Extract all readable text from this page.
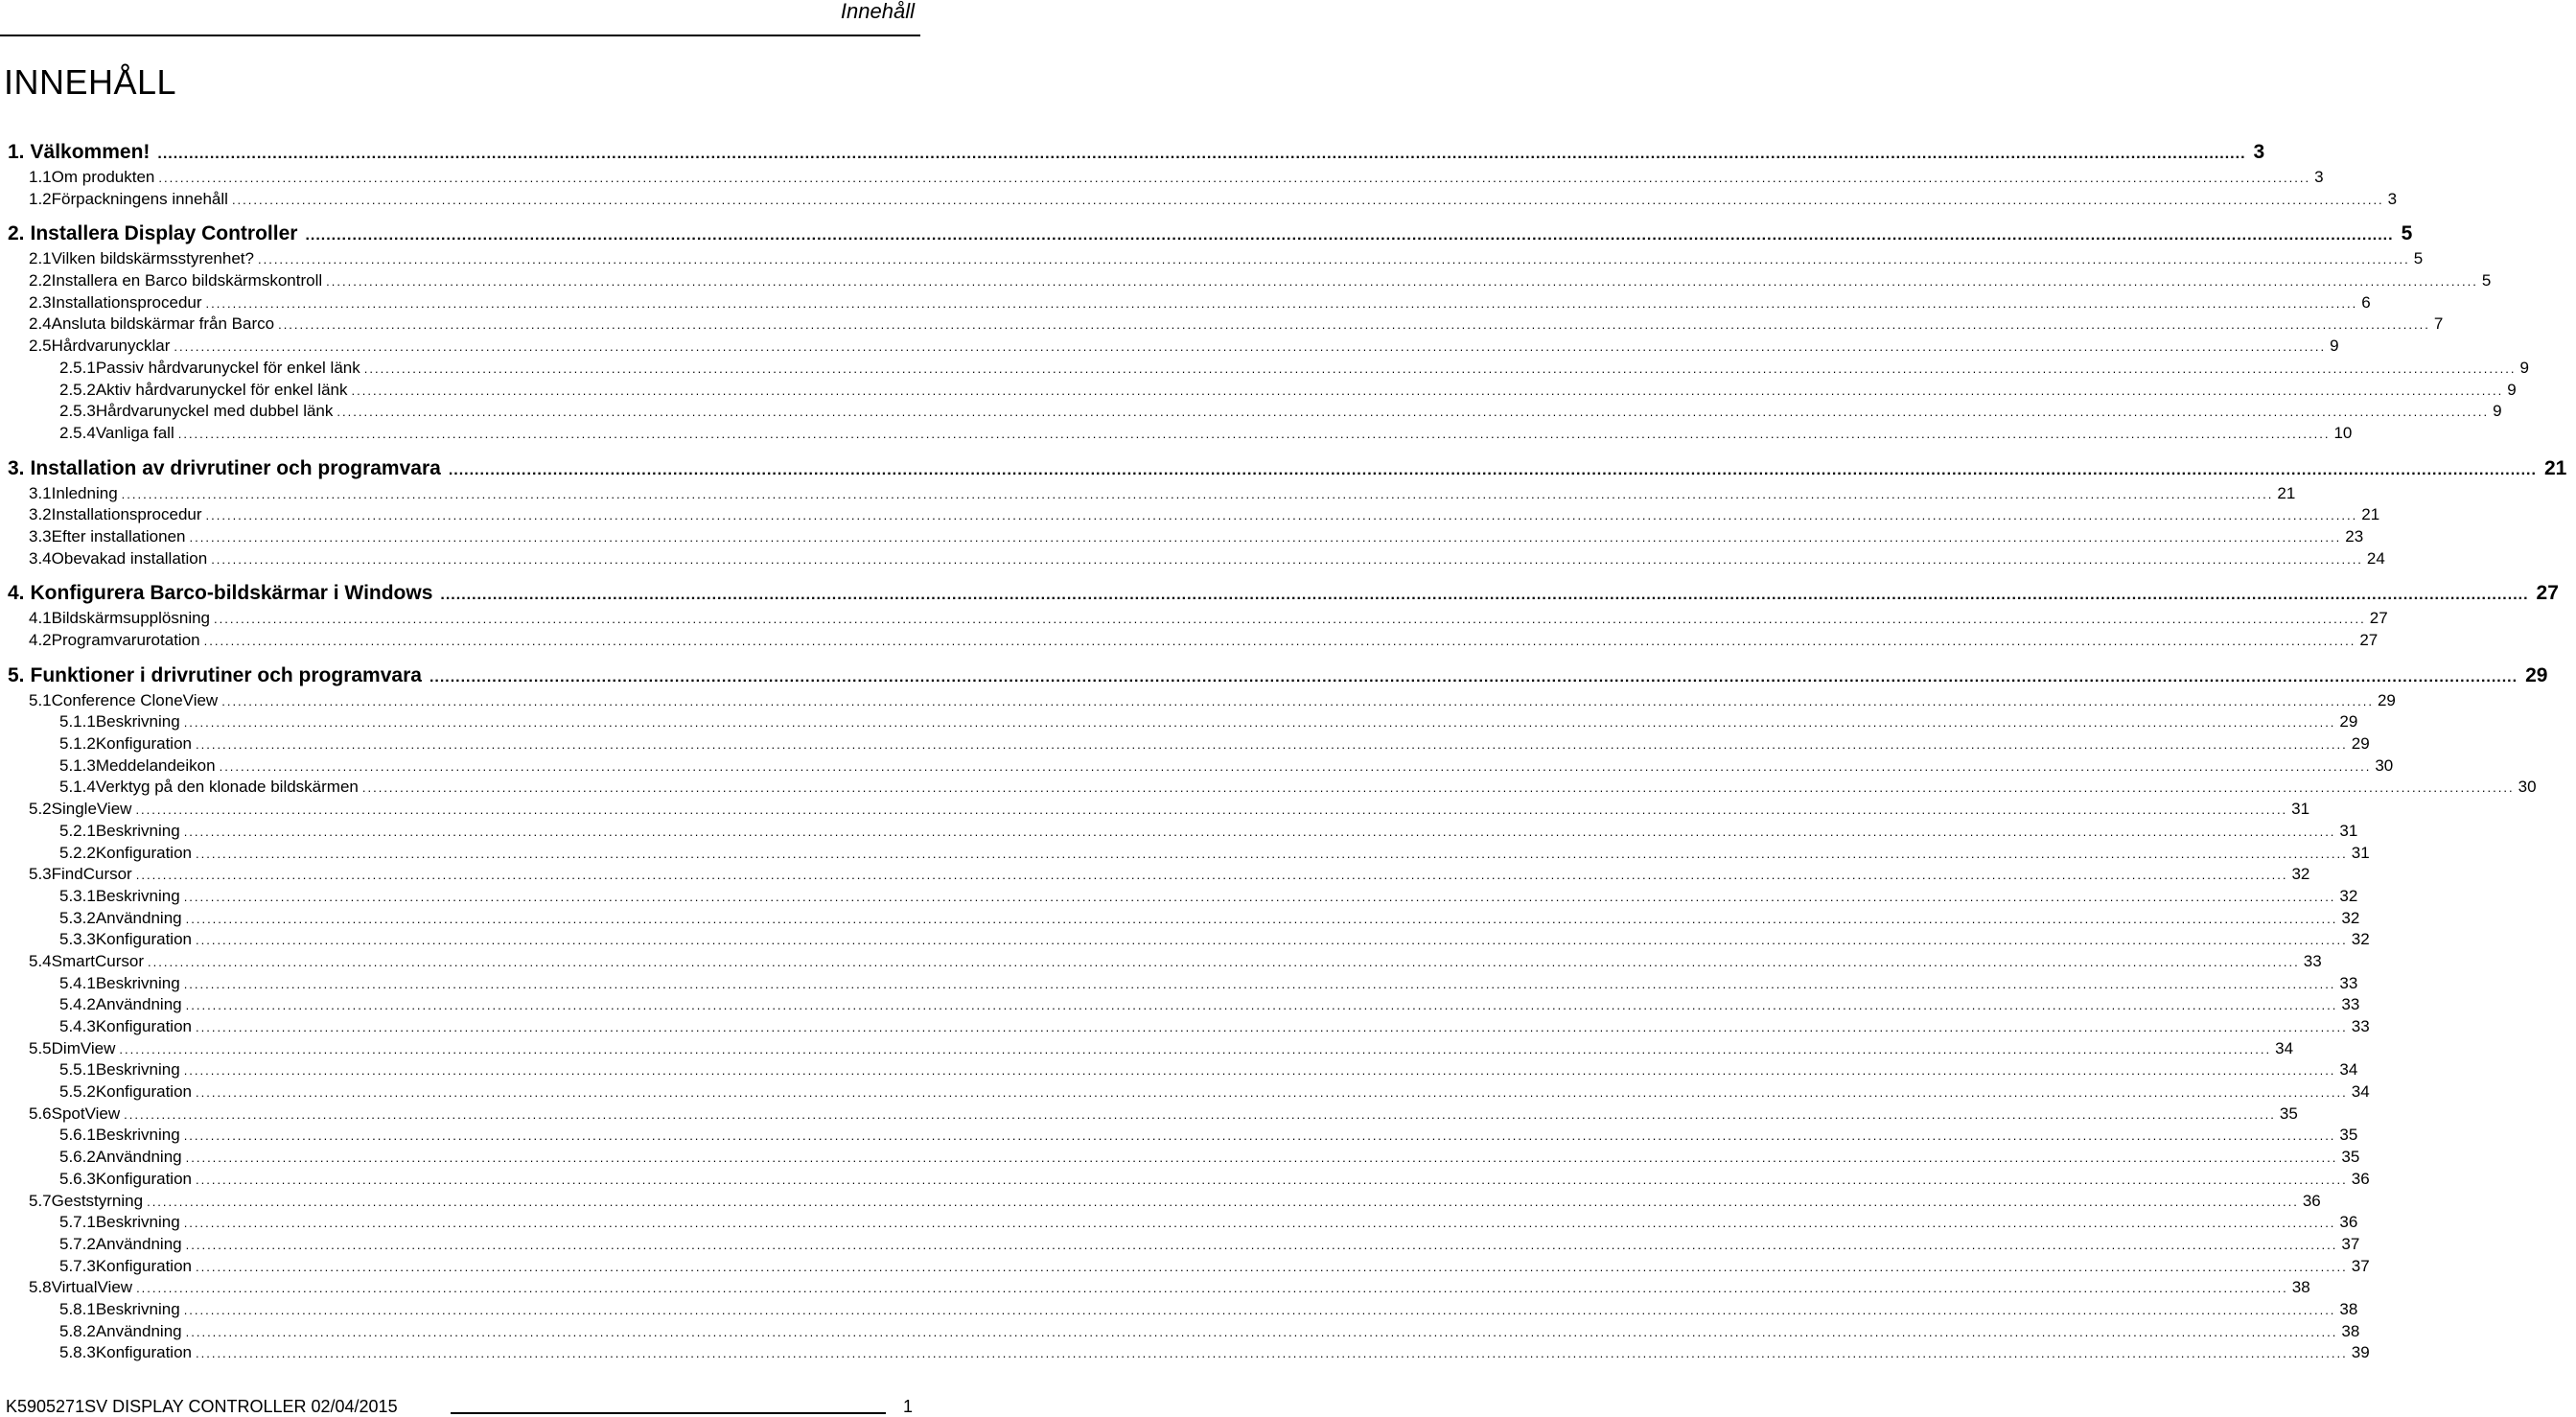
Innehåll
INNEHÅLL
1. Välkommen! ................................................................................................................................................................................................................................................................................................................................................................................................................ 3
1.1 Om produkten ................................................................................................................................................................................................................................................................................................................................................................................................................ 3
1.2 Förpackningens innehåll ................................................................................................................................................................................................................................................................................................................................................................................................................ 3
2. Installera Display Controller ................................................................................................................................................................................................................................................................................................................................................................................................................ 5
2.1 Vilken bildskärmsstyrenhet? ................................................................................................................................................................................................................................................................................................................................................................................................................ 5
2.2 Installera en Barco bildskärmskontroll ................................................................................................................................................................................................................................................................................................................................................................................................................ 5
2.3 Installationsprocedur ................................................................................................................................................................................................................................................................................................................................................................................................................ 6
2.4 Ansluta bildskärmar från Barco ................................................................................................................................................................................................................................................................................................................................................................................................................ 7
2.5 Hårdvarunycklar ................................................................................................................................................................................................................................................................................................................................................................................................................ 9
2.5.1 Passiv hårdvarunyckel för enkel länk ................................................................................................................................................................................................................................................................................................................................................................................................................ 9
2.5.2 Aktiv hårdvarunyckel för enkel länk ................................................................................................................................................................................................................................................................................................................................................................................................................ 9
2.5.3 Hårdvarunyckel med dubbel länk ................................................................................................................................................................................................................................................................................................................................................................................................................ 9
2.5.4 Vanliga fall ................................................................................................................................................................................................................................................................................................................................................................................................................ 10
3. Installation av drivrutiner och programvara ................................................................................................................................................................................................................................................................................................................................................................................................................ 21
3.1 Inledning ................................................................................................................................................................................................................................................................................................................................................................................................................ 21
3.2 Installationsprocedur ................................................................................................................................................................................................................................................................................................................................................................................................................ 21
3.3 Efter installationen ................................................................................................................................................................................................................................................................................................................................................................................................................ 23
3.4 Obevakad installation ................................................................................................................................................................................................................................................................................................................................................................................................................ 24
4. Konfigurera Barco-bildskärmar i Windows ................................................................................................................................................................................................................................................................................................................................................................................................................ 27
4.1 Bildskärmsupplösning ................................................................................................................................................................................................................................................................................................................................................................................................................ 27
4.2 Programvarurotation ................................................................................................................................................................................................................................................................................................................................................................................................................ 27
5. Funktioner i drivrutiner och programvara ................................................................................................................................................................................................................................................................................................................................................................................................................ 29
5.1 Conference CloneView ................................................................................................................................................................................................................................................................................................................................................................................................................ 29
5.1.1 Beskrivning ................................................................................................................................................................................................................................................................................................................................................................................................................ 29
5.1.2 Konfiguration ................................................................................................................................................................................................................................................................................................................................................................................................................ 29
5.1.3 Meddelandeikon ................................................................................................................................................................................................................................................................................................................................................................................................................ 30
5.1.4 Verktyg på den klonade bildskärmen ................................................................................................................................................................................................................................................................................................................................................................................................................ 30
5.2 SingleView ................................................................................................................................................................................................................................................................................................................................................................................................................ 31
5.2.1 Beskrivning ................................................................................................................................................................................................................................................................................................................................................................................................................ 31
5.2.2 Konfiguration ................................................................................................................................................................................................................................................................................................................................................................................................................ 31
5.3 FindCursor ................................................................................................................................................................................................................................................................................................................................................................................................................ 32
5.3.1 Beskrivning ................................................................................................................................................................................................................................................................................................................................................................................................................ 32
5.3.2 Användning ................................................................................................................................................................................................................................................................................................................................................................................................................ 32
5.3.3 Konfiguration ................................................................................................................................................................................................................................................................................................................................................................................................................ 32
5.4 SmartCursor ................................................................................................................................................................................................................................................................................................................................................................................................................ 33
5.4.1 Beskrivning ................................................................................................................................................................................................................................................................................................................................................................................................................ 33
5.4.2 Användning ................................................................................................................................................................................................................................................................................................................................................................................................................ 33
5.4.3 Konfiguration ................................................................................................................................................................................................................................................................................................................................................................................................................ 33
5.5 DimView ................................................................................................................................................................................................................................................................................................................................................................................................................ 34
5.5.1 Beskrivning ................................................................................................................................................................................................................................................................................................................................................................................................................ 34
5.5.2 Konfiguration ................................................................................................................................................................................................................................................................................................................................................................................................................ 34
5.6 SpotView ................................................................................................................................................................................................................................................................................................................................................................................................................ 35
5.6.1 Beskrivning ................................................................................................................................................................................................................................................................................................................................................................................................................ 35
5.6.2 Användning ................................................................................................................................................................................................................................................................................................................................................................................................................ 35
5.6.3 Konfiguration ................................................................................................................................................................................................................................................................................................................................................................................................................ 36
5.7 Geststyrning ................................................................................................................................................................................................................................................................................................................................................................................................................ 36
5.7.1 Beskrivning ................................................................................................................................................................................................................................................................................................................................................................................................................ 36
5.7.2 Användning ................................................................................................................................................................................................................................................................................................................................................................................................................ 37
5.7.3 Konfiguration ................................................................................................................................................................................................................................................................................................................................................................................................................ 37
5.8 VirtualView ................................................................................................................................................................................................................................................................................................................................................................................................................ 38
5.8.1 Beskrivning ................................................................................................................................................................................................................................................................................................................................................................................................................ 38
5.8.2 Användning ................................................................................................................................................................................................................................................................................................................................................................................................................ 38
5.8.3 Konfiguration ................................................................................................................................................................................................................................................................................................................................................................................................................ 39
K5905271SV DISPLAY CONTROLLER 02/04/2015	1
